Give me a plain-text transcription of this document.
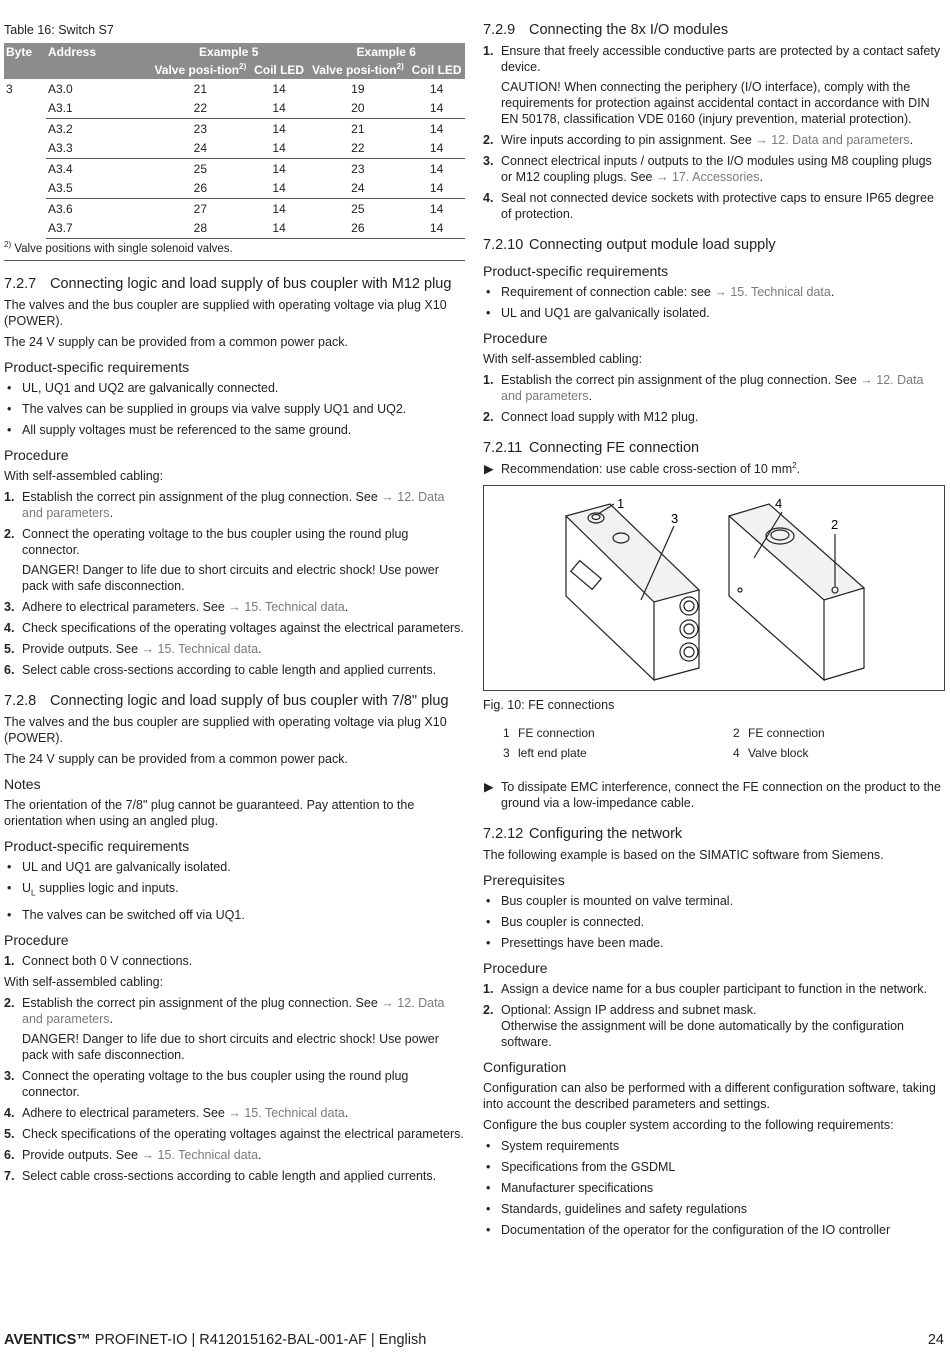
Table 16: Switch S7
Byte	Address	Example 5		Example 6	
		Valve posi-tion$^{2)}$	Coil LED	Valve posi-tion$^{2)}$	Coil LED
3	A3.0	21	14	19	14
	A3.1	22	14	20	14
	A3.2	23	14	21	14
	A3.3	24	14	22	14
	A3.4	25	14	23	14
	A3.5	26	14	24	14
	A3.6	27	14	25	14
	A3.7	28	14	26	14
$^{2)}$ Valve positions with single solenoid valves.
7.2.7 Connecting logic and load supply of bus coupler with M12 plug

The valves and the bus coupler are supplied with operating voltage via plug X10 (POWER).

The 24 V supply can be provided from a common power pack.

Product-specific requirements
• UL, UQ1 and UQ2 are galvanically connected.
• The valves can be supplied in groups via valve supply UQ1 and UQ2.
• All supply voltages must be referenced to the same ground.
Procedure

With self-assembled cabling:

1. Establish the correct pin assignment of the plug connection. See → 12. Data and parameters.
2. Connect the operating voltage to the bus coupler using the round plug connector.
DANGER! Danger to life due to short circuits and electric shock! Use power pack with safe disconnection.
3. Adhere to electrical parameters. See → 15. Technical data.
4. Check specifications of the operating voltages against the electrical parameters.
5. Provide outputs. See → 15. Technical data.
6. Select cable cross-sections according to cable length and applied currents.
7.2.8 Connecting logic and load supply of bus coupler with 7/8" plug

The valves and the bus coupler are supplied with operating voltage via plug X10 (POWER).

The 24 V supply can be provided from a common power pack.

Notes

The orientation of the 7/8" plug cannot be guaranteed. Pay attention to the orientation when using an angled plug.

Product-specific requirements
• UL and UQ1 are galvanically isolated.
• $U_L$ supplies logic and inputs.
• The valves can be switched off via UQ1.
Procedure
1. Connect both 0 V connections.

With self-assembled cabling:

2. Establish the correct pin assignment of the plug connection. See → 12. Data and parameters.
DANGER! Danger to life due to short circuits and electric shock! Use power pack with safe disconnection.
3. Connect the operating voltage to the bus coupler using the round plug connector.
4. Adhere to electrical parameters. See → 15. Technical data.
5. Check specifications of the operating voltages against the electrical parameters.
6. Provide outputs. See → 15. Technical data.
7. Select cable cross-sections according to cable length and applied currents.
7.2.9 Connecting the 8x I/O modules
1. Ensure that freely accessible conductive parts are protected by a contact safety device.
CAUTION! When connecting the periphery (I/O interface), comply with the requirements for protection against accidental contact in accordance with DIN EN 50178, classification VDE 0160 (injury prevention, material protection).
2. Wire inputs according to pin assignment. See → 12. Data and parameters.
3. Connect electrical inputs / outputs to the I/O modules using M8 coupling plugs or M12 coupling plugs. See → 17. Accessories.
4. Seal not connected device sockets with protective caps to ensure IP65 degree of protection.
7.2.10 Connecting output module load supply
Product-specific requirements
• Requirement of connection cable: see → 15. Technical data.
• UL and UQ1 are galvanically isolated.
Procedure

With self-assembled cabling:

1. Establish the correct pin assignment of the plug connection. See → 12. Data and parameters.
2. Connect load supply with M12 plug.
7.2.11 Connecting FE connection
▶ Recommendation: use cable cross-section of 10 $mm^2$.
1
3
4
2
Fig. 10: FE connections
1 FE connection	2 FE connection
3 left end plate	4 Valve block
▶ To dissipate EMC interference, connect the FE connection on the product to the ground via a low-impedance cable.
7.2.12 Configuring the network

The following example is based on the SIMATIC software from Siemens.

Prerequisites
• Bus coupler is mounted on valve terminal.
• Bus coupler is connected.
• Presettings have been made.
Procedure
1. Assign a device name for a bus coupler participant to function in the network.
2. Optional: Assign IP address and subnet mask.
Otherwise the assignment will be done automatically by the configuration software.
Configuration

Configuration can also be performed with a different configuration software, taking into account the described parameters and settings.

Configure the bus coupler system according to the following requirements:

• System requirements
• Specifications from the GSDML
• Manufacturer specifications
• Standards, guidelines and safety regulations
• Documentation of the operator for the configuration of the IO controller
AVENTICS™ PROFINET-IO | R412015162-BAL-001-AF | English	24
